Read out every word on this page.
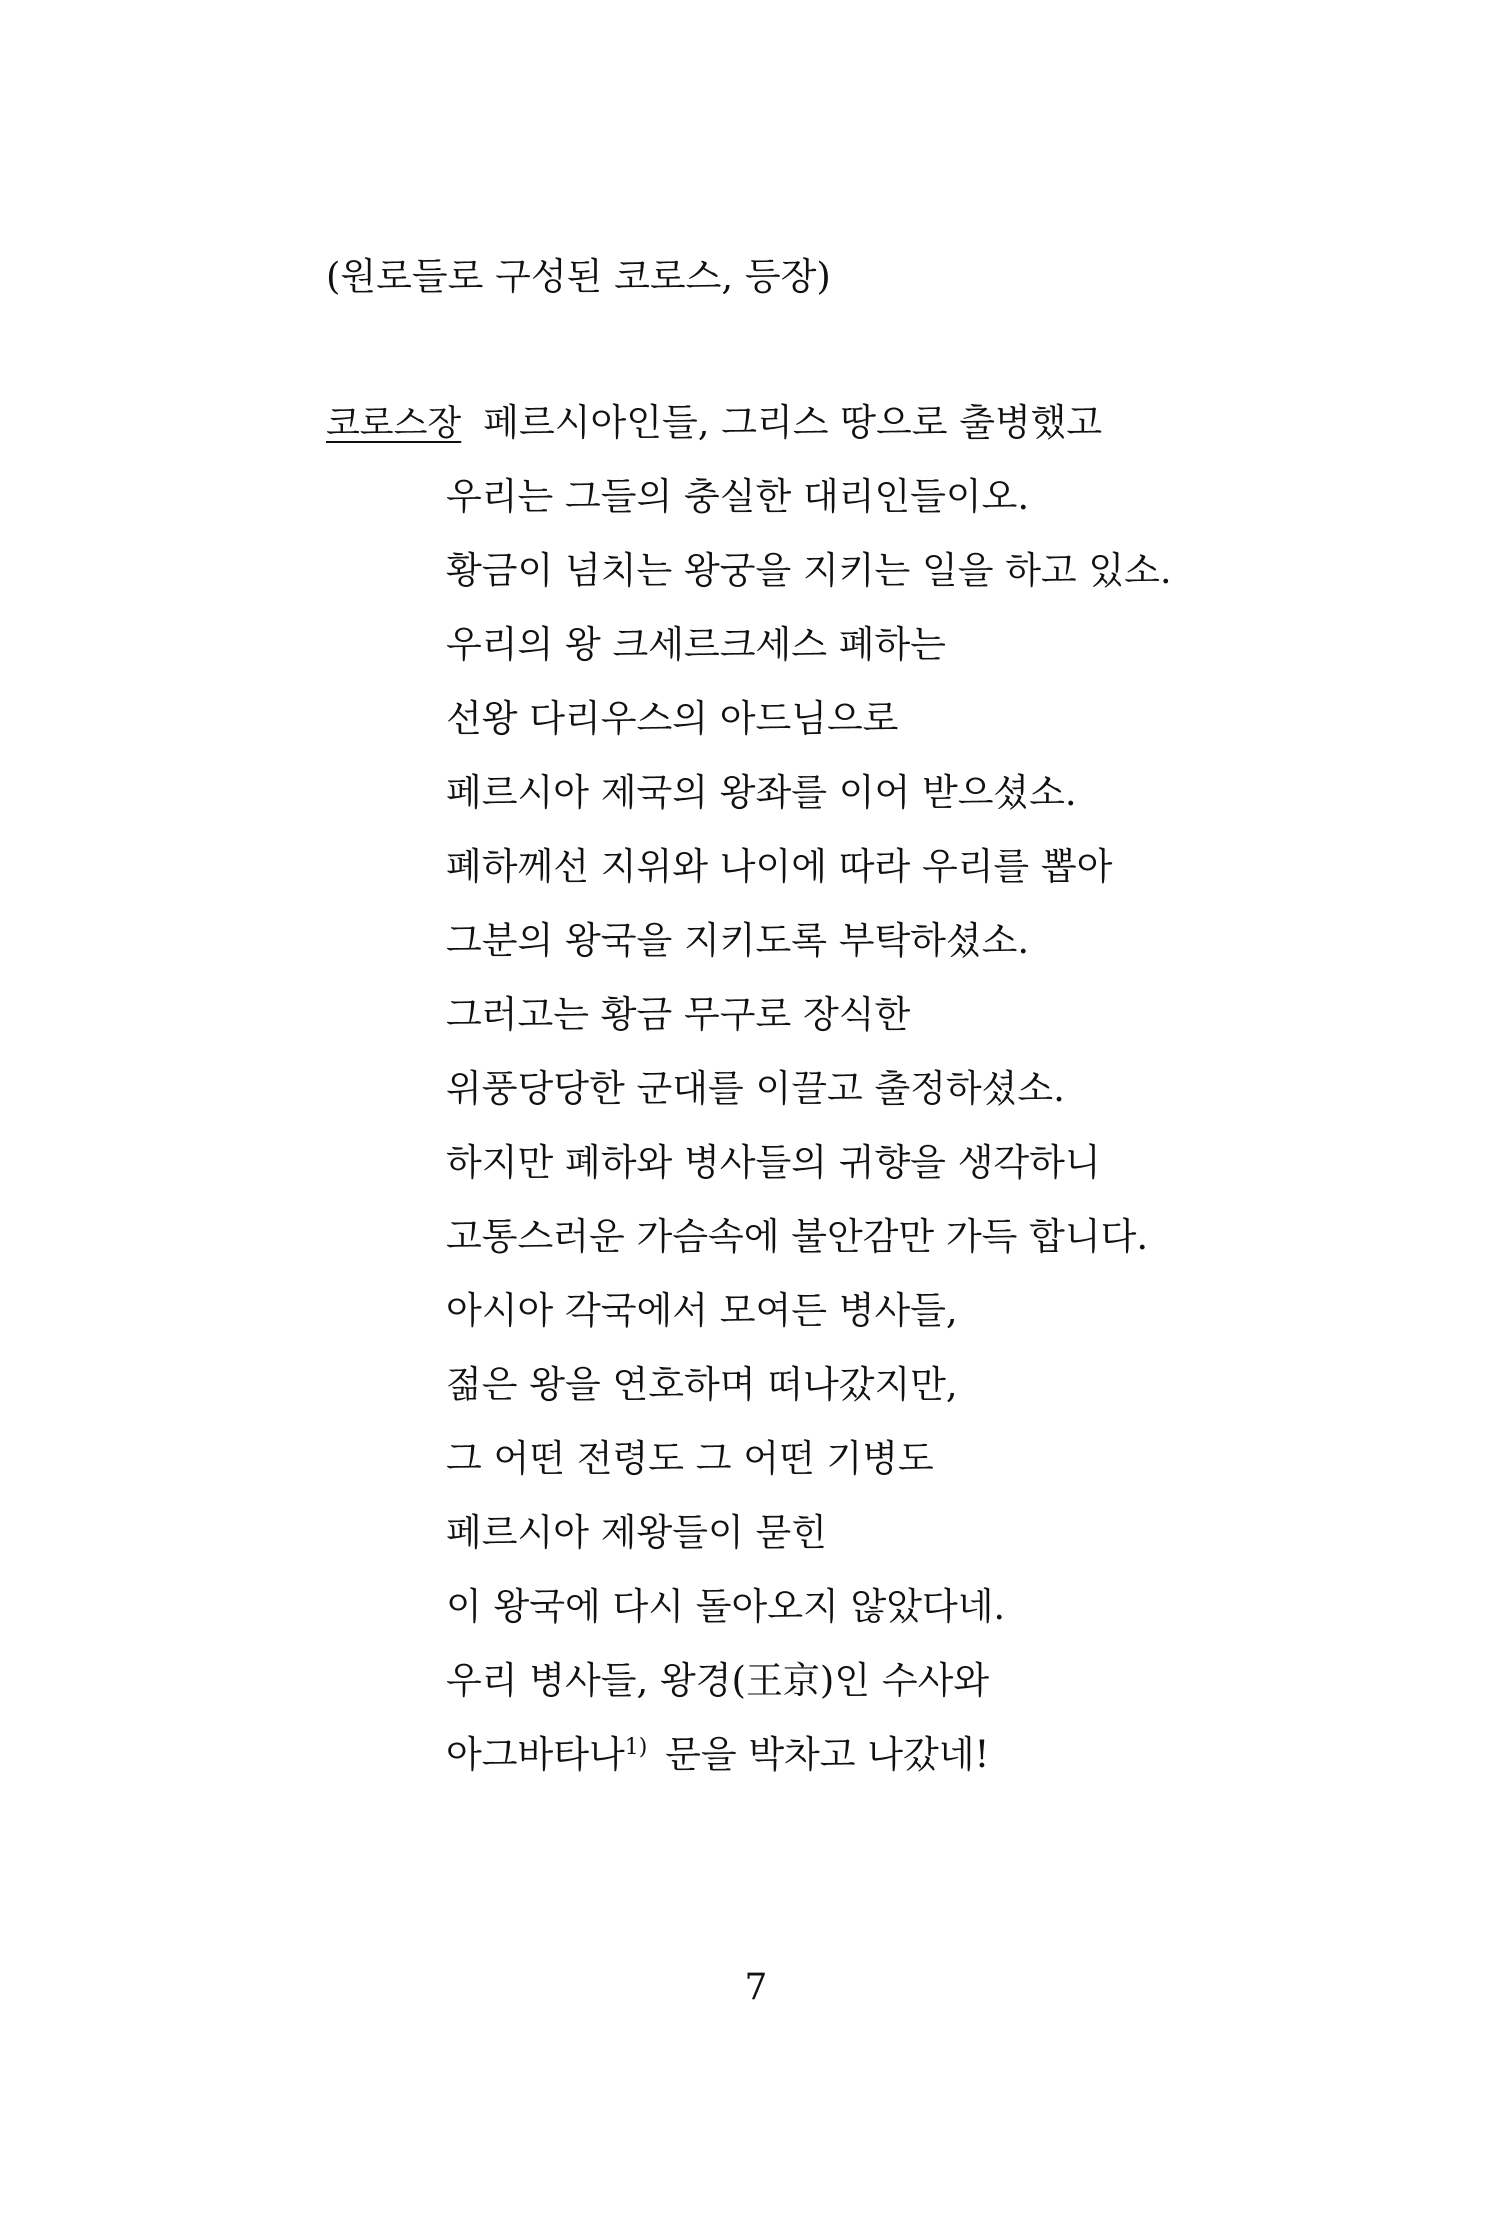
(원로들로 구성된 코로스, 등장)
코로스장 페르시아인들, 그리스 땅으로 출병했고
우리는 그들의 충실한 대리인들이오.
황금이 넘치는 왕궁을 지키는 일을 하고 있소.
우리의 왕 크세르크세스 폐하는
선왕 다리우스의 아드님으로
페르시아 제국의 왕좌를 이어 받으셨소.
폐하께선 지위와 나이에 따라 우리를 뽑아
그분의 왕국을 지키도록 부탁하셨소.
그러고는 황금 무구로 장식한
위풍당당한 군대를 이끌고 출정하셨소.
하지만 폐하와 병사들의 귀향을 생각하니
고통스러운 가슴속에 불안감만 가득 합니다.
아시아 각국에서 모여든 병사들,
젊은 왕을 연호하며 떠나갔지만,
그 어떤 전령도 그 어떤 기병도
페르시아 제왕들이 묻힌
이 왕국에 다시 돌아오지 않았다네.
우리 병사들, 왕경(王京)인 수사와
아그바타나$^{1)}$ 문을 박차고 나갔네!
7
